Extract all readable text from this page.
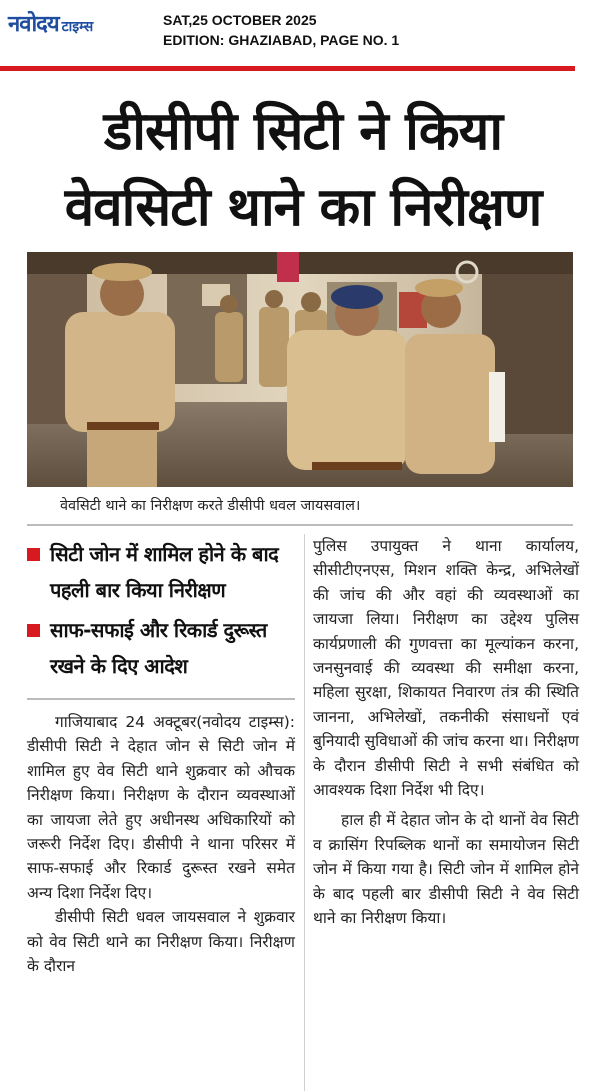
नवोदय टाइम्स	SAT,25 OCTOBER 2025
EDITION: GHAZIABAD, PAGE NO. 1
डीसीपी सिटी ने किया
वेवसिटी थाने का निरीक्षण
वेवसिटी थाने का निरीक्षण करते डीसीपी धवल जायसवाल।
सिटी जोन में शामिल होने के बाद पहली बार किया निरीक्षण
साफ-सफाई और रिकार्ड दुरूस्त रखने के दिए आदेश

गाजियाबाद 24 अक्टूबर(नवोदय टाइम्स): डीसीपी सिटी ने देहात जोन से सिटी जोन में शामिल हुए वेव सिटी थाने शुक्रवार को औचक निरीक्षण किया। निरीक्षण के दौरान व्यवस्थाओं का जायजा लेते हुए अधीनस्थ अधिकारियों को जरूरी निर्देश दिए। डीसीपी ने थाना परिसर में साफ-सफाई और रिकार्ड दुरूस्त रखने समेत अन्य दिशा निर्देश दिए।

डीसीपी सिटी धवल जायसवाल ने शुक्रवार को वेव सिटी थाने का निरीक्षण किया। निरीक्षण के दौरान

पुलिस उपायुक्त ने थाना कार्यालय, सीसीटीएनएस, मिशन शक्ति केन्द्र, अभिलेखों की जांच की और वहां की व्यवस्थाओं का जायजा लिया। निरीक्षण का उद्देश्य पुलिस कार्यप्रणाली की गुणवत्ता का मूल्यांकन करना, जनसुनवाई की व्यवस्था की समीक्षा करना, महिला सुरक्षा, शिकायत निवारण तंत्र की स्थिति जानना, अभिलेखों, तकनीकी संसाधनों एवं बुनियादी सुविधाओं की जांच करना था। निरीक्षण के दौरान डीसीपी सिटी ने सभी संबंधित को आवश्यक दिशा निर्देश भी दिए।

हाल ही में देहात जोन के दो थानों वेव सिटी व क्रासिंग रिपब्लिक थानों का समायोजन सिटी जोन में किया गया है। सिटी जोन में शामिल होने के बाद पहली बार डीसीपी सिटी ने वेव सिटी थाने का निरीक्षण किया।
